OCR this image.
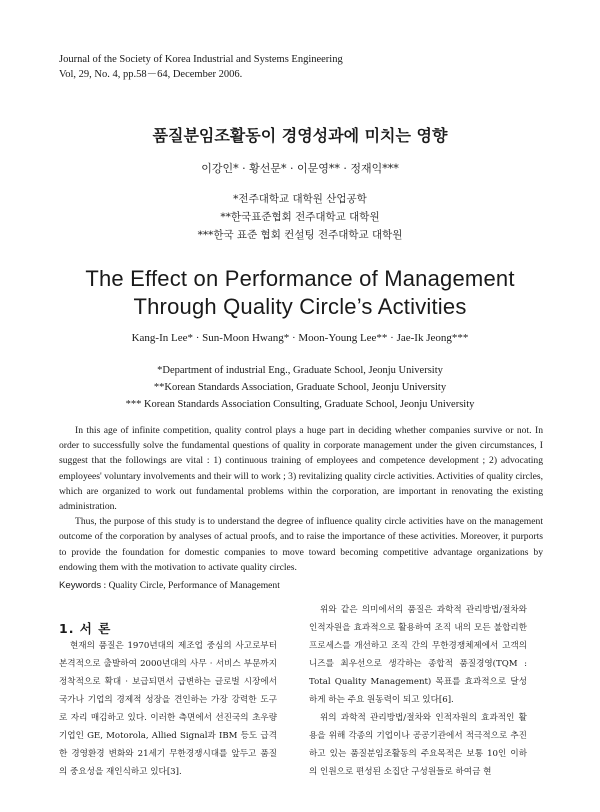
Journal of the Society of Korea Industrial and Systems Engineering
Vol, 29, No. 4, pp.58－64, December 2006.
품질분임조활동이 경영성과에 미치는 영향
이강인* · 황선문* · 이문영** · 정재익***
*전주대학교 대학원 산업공학
**한국표준협회 전주대학교 대학원
***한국 표준 협회 컨설팅 전주대학교 대학원
The Effect on Performance of Management
Through Quality Circle’s Activities
Kang-In Lee* · Sun-Moon Hwang* · Moon-Young Lee** · Jae-Ik Jeong***
*Department of industrial Eng., Graduate School, Jeonju University
**Korean Standards Association, Graduate School, Jeonju University
*** Korean Standards Association Consulting, Graduate School, Jeonju University

In this age of infinite competition, quality control plays a huge part in deciding whether companies survive or not. In order to successfully solve the fundamental questions of quality in corporate management under the given circumstances, I suggest that the followings are vital : 1) continuous training of employees and competence development ; 2) advocating employees' voluntary involvements and their will to work ; 3) revitalizing quality circle activities. Activities of quality circles, which are organized to work out fundamental problems within the corporation, are important in renovating the existing administration.

Thus, the purpose of this study is to understand the degree of influence quality circle activities have on the management outcome of the corporation by analyses of actual proofs, and to raise the importance of these activities. Moreover, it purports to provide the foundation for domestic companies to move toward becoming competitive advantage organizations by endowing them with the motivation to activate quality circles.

Keywords : Quality Circle, Performance of Management
1. 서 론

현재의 품질은 1970년대의 제조업 중심의 사고로부터 본격적으로 출발하여 2000년대의 사무 · 서비스 부문까지 정착적으로 확대 · 보급되면서 급변하는 글로벌 시장에서 국가나 기업의 경제적 성장을 견인하는 가장 강력한 도구로 자리 매김하고 있다. 이러한 측면에서 선진국의 초우량기업인 GE, Motorola, Allied Signal과 IBM 등도 급격한 경영환경 변화와 21세기 무한경쟁시대를 앞두고 품질의 중요성을 재인식하고 있다[3].

위와 같은 의미에서의 품질은 과학적 관리방법/절차와 인적자원을 효과적으로 활용하여 조직 내의 모든 불합리한 프로세스를 개선하고 조직 간의 무한경쟁체제에서 고객의 니즈를 최우선으로 생각하는 종합적 품질경영(TQM : Total Quality Management) 목표를 효과적으로 달성하게 하는 주요 원동력이 되고 있다[6].

위의 과학적 관리방법/절차와 인적자원의 효과적인 활용을 위해 각종의 기업이나 공공기관에서 적극적으로 추진하고 있는 품질분임조활동의 주요목적은 보통 10인 이하의 인원으로 편성된 소집단 구성원들로 하여금 현
